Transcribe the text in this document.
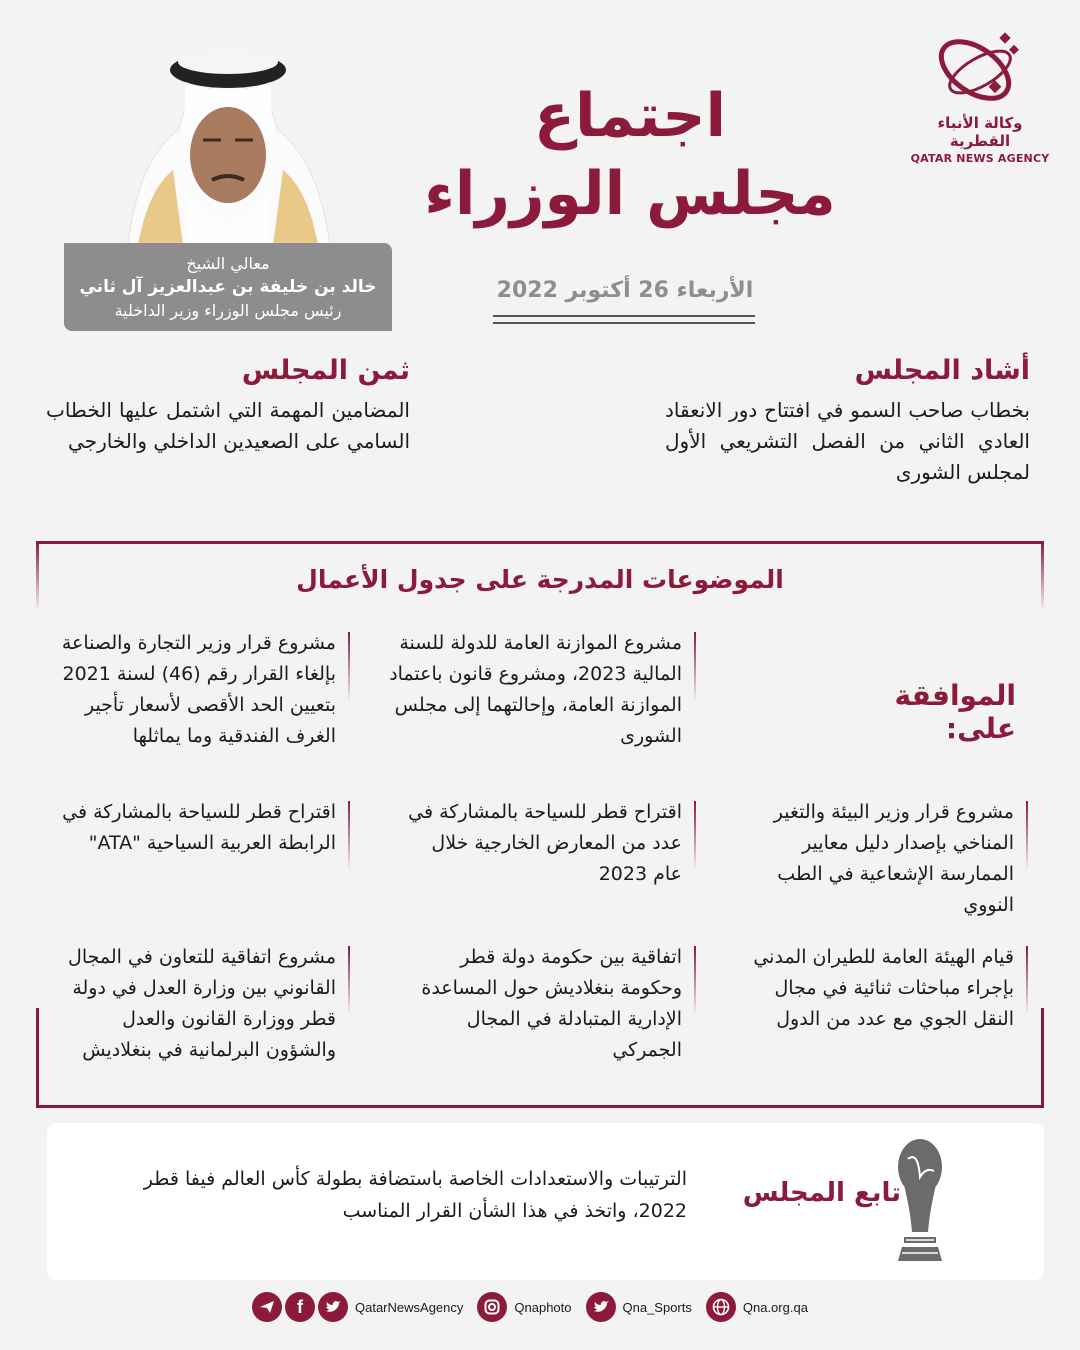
وكالة الأنباء القطرية
QATAR NEWS AGENCY
اجتماع
مجلس الوزراء
الأربعاء 26 أكتوبر 2022
معالي الشيخ
خالد بن خليفة بن عبدالعزيز آل ثاني
رئيس مجلس الوزراء وزير الداخلية
أشاد المجلس

بخطاب صاحب السمو في افتتاح دور الانعقاد العادي الثاني من الفصل التشريعي الأول لمجلس الشورى

ثمن المجلس

المضامين المهمة التي اشتمل عليها الخطاب السامي على الصعيدين الداخلي والخارجي

الموضوعات المدرجة على جدول الأعمال
الموافقة على:
مشروع الموازنة العامة للدولة للسنة المالية 2023، ومشروع قانون باعتماد الموازنة العامة، وإحالتهما إلى مجلس الشورى
مشروع قرار وزير التجارة والصناعة بإلغاء القرار رقم (46) لسنة 2021 بتعيين الحد الأقصى لأسعار تأجير الغرف الفندقية وما يماثلها
مشروع قرار وزير البيئة والتغير المناخي بإصدار دليل معايير الممارسة الإشعاعية في الطب النووي
اقتراح قطر للسياحة بالمشاركة في عدد من المعارض الخارجية خلال عام 2023
اقتراح قطر للسياحة بالمشاركة في الرابطة العربية السياحية "ATA"
قيام الهيئة العامة للطيران المدني بإجراء مباحثات ثنائية في مجال النقل الجوي مع عدد من الدول
اتفاقية بين حكومة دولة قطر وحكومة بنغلاديش حول المساعدة الإدارية المتبادلة في المجال الجمركي
مشروع اتفاقية للتعاون في المجال القانوني بين وزارة العدل في دولة قطر ووزارة القانون والعدل والشؤون البرلمانية في بنغلاديش
تابع المجلس
الترتيبات والاستعدادات الخاصة باستضافة بطولة كأس العالم فيفا قطر 2022، واتخذ في هذا الشأن القرار المناسب
f	QatarNewsAgency	Qnaphoto	Qna_Sports	Qna.org.qa
